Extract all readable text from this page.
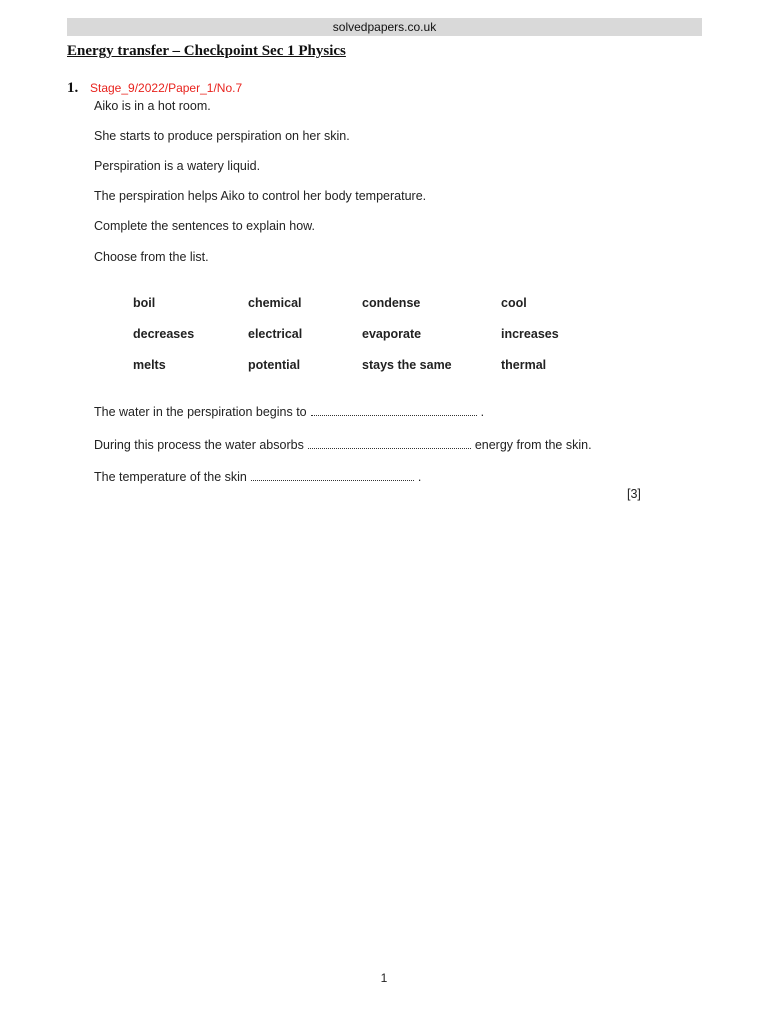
solvedpapers.co.uk
Energy transfer – Checkpoint Sec 1 Physics
1. Stage_9/2022/Paper_1/No.7
Aiko is in a hot room.
She starts to produce perspiration on her skin.
Perspiration is a watery liquid.
The perspiration helps Aiko to control her body temperature.
Complete the sentences to explain how.
Choose from the list.
boil	chemical	condense	cool
decreases	electrical	evaporate	increases
melts	potential	stays the same	thermal
The water in the perspiration begins to	.
During this process the water absorbs	energy from the skin.
The temperature of the skin	.
[3]
1
